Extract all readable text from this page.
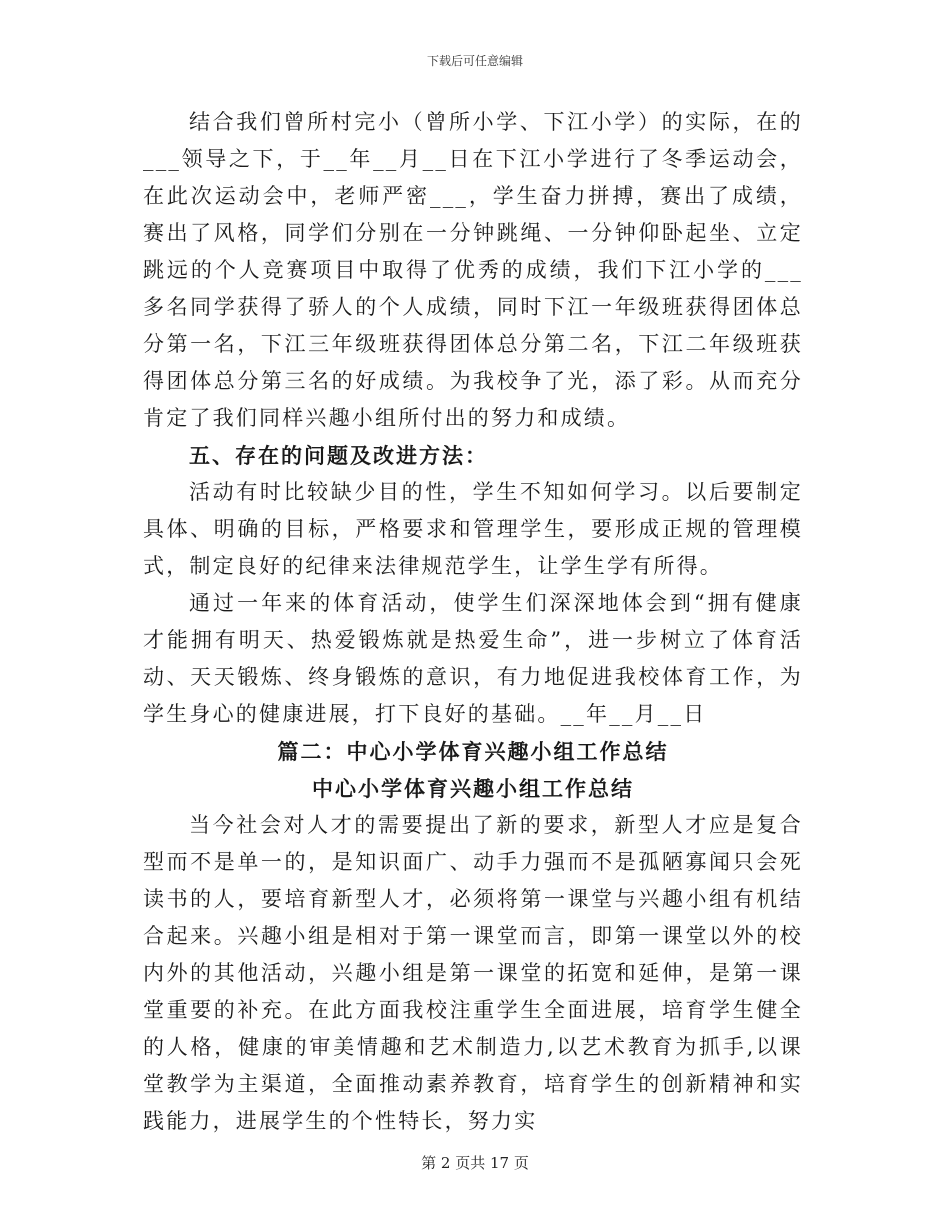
下载后可任意编辑

结合我们曾所村完小（曾所小学、下江小学）的实际，在的___领导之下，于__年__月__日在下江小学进行了冬季运动会，在此次运动会中，老师严密___，学生奋力拼搏，赛出了成绩，赛出了风格，同学们分别在一分钟跳绳、一分钟仰卧起坐、立定跳远的个人竞赛项目中取得了优秀的成绩，我们下江小学的___多名同学获得了骄人的个人成绩，同时下江一年级班获得团体总分第一名，下江三年级班获得团体总分第二名，下江二年级班获得团体总分第三名的好成绩。为我校争了光，添了彩。从而充分肯定了我们同样兴趣小组所付出的努力和成绩。

五、存在的问题及改进方法：

活动有时比较缺少目的性，学生不知如何学习。以后要制定具体、明确的目标，严格要求和管理学生，要形成正规的管理模式，制定良好的纪律来法律规范学生，让学生学有所得。

通过一年来的体育活动，使学生们深深地体会到“拥有健康才能拥有明天、热爱锻炼就是热爱生命”，进一步树立了体育活动、天天锻炼、终身锻炼的意识，有力地促进我校体育工作，为学生身心的健康进展，打下良好的基础。__年__月__日

篇二：中心小学体育兴趣小组工作总结

中心小学体育兴趣小组工作总结

当今社会对人才的需要提出了新的要求，新型人才应是复合型而不是单一的，是知识面广、动手力强而不是孤陋寡闻只会死读书的人，要培育新型人才，必须将第一课堂与兴趣小组有机结合起来。兴趣小组是相对于第一课堂而言，即第一课堂以外的校内外的其他活动，兴趣小组是第一课堂的拓宽和延伸，是第一课堂重要的补充。在此方面我校注重学生全面进展，培育学生健全的人格，健康的审美情趣和艺术制造力,以艺术教育为抓手,以课堂教学为主渠道，全面推动素养教育，培育学生的创新精神和实践能力，进展学生的个性特长，努力实

第 2 页共 17 页
